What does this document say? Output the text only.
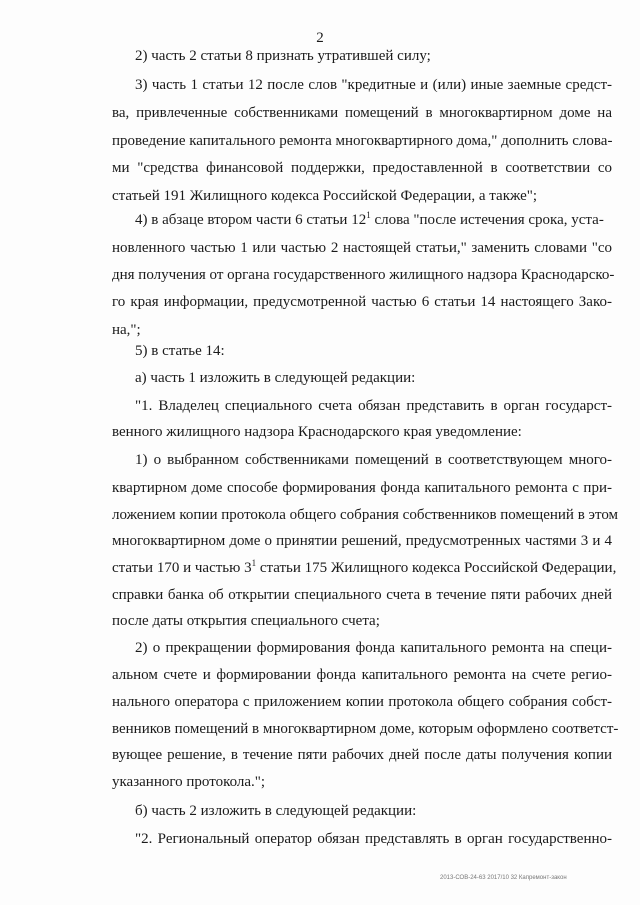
2
2) часть 2 статьи 8 признать утратившей силу;
3) часть 1 статьи 12 после слов "кредитные и (или) иные заемные средст-
ва, привлеченные собственниками помещений в многоквартирном доме на
проведение капитального ремонта многоквартирного дома," дополнить слова-
ми "средства финансовой поддержки, предоставленной в соответствии со
статьей 191 Жилищного кодекса Российской Федерации, а также";
4) в абзаце втором части 6 статьи $12^1$ слова "после истечения срока, уста-
новленного частью 1 или частью 2 настоящей статьи," заменить словами "со
дня получения от органа государственного жилищного надзора Краснодарско-
го края информации, предусмотренной частью 6 статьи 14 настоящего Зако-
на,";
5) в статье 14:
а) часть 1 изложить в следующей редакции:
"1. Владелец специального счета обязан представить в орган государст-
венного жилищного надзора Краснодарского края уведомление:
1) о выбранном собственниками помещений в соответствующем много-
квартирном доме способе формирования фонда капитального ремонта с при-
ложением копии протокола общего собрания собственников помещений в этом
многоквартирном доме о принятии решений, предусмотренных частями 3 и 4
статьи 170 и частью $3^1$ статьи 175 Жилищного кодекса Российской Федерации,
справки банка об открытии специального счета в течение пяти рабочих дней
после даты открытия специального счета;
2) о прекращении формирования фонда капитального ремонта на специ-
альном счете и формировании фонда капитального ремонта на счете регио-
нального оператора с приложением копии протокола общего собрания собст-
венников помещений в многоквартирном доме, которым оформлено соответст-
вующее решение, в течение пяти рабочих дней после даты получения копии
указанного протокола.";
б) часть 2 изложить в следующей редакции:
"2. Региональный оператор обязан представлять в орган государственно-
2013-СОВ-24-63 2017/10 32 Капремонт-закон
